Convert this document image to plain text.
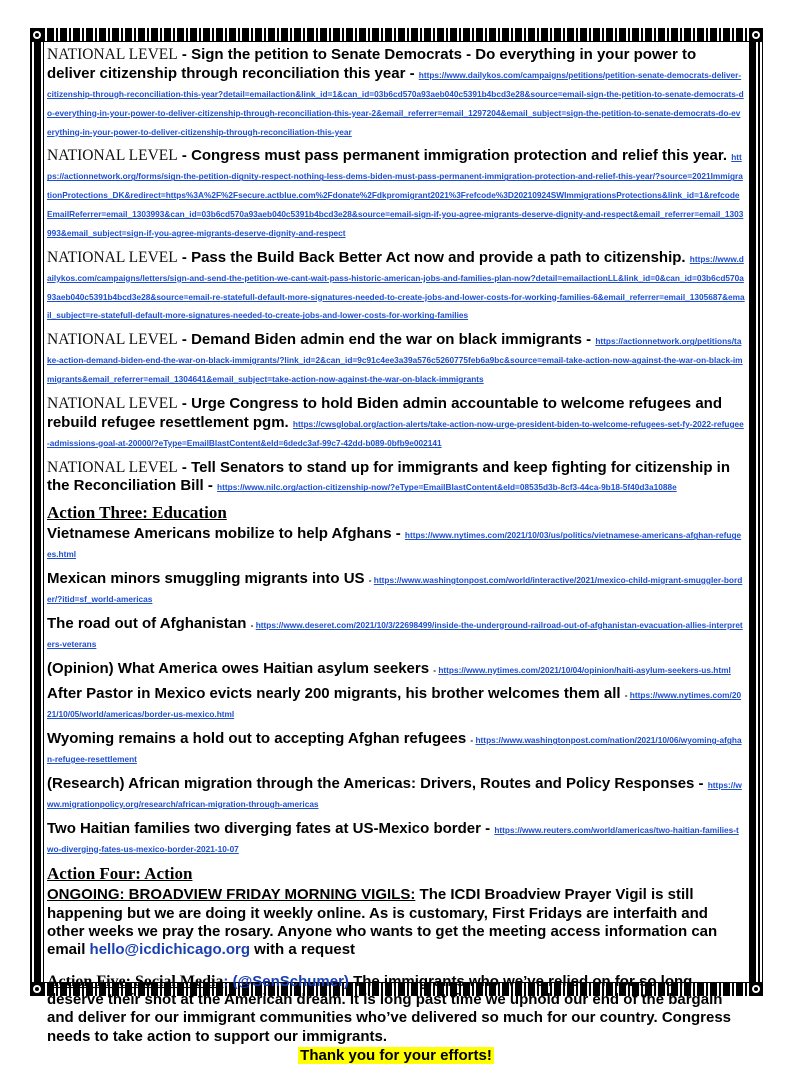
NATIONAL LEVEL - Sign the petition to Senate Democrats - Do everything in your power to deliver citizenship through reconciliation this year - https://www.dailykos.com/campaigns/petitions/petition-senate-democrats-deliver-citizenship-through-reconciliation-this-year?detail=emailaction&link_id=1&can_id=03b6cd570a93aeb040c5391b4bcd3e28&source=email-sign-the-petition-to-senate-democrats-do-everything-in-your-power-to-deliver-citizenship-through-reconciliation-this-year-2&email_referrer=email_1297204&email_subject=sign-the-petition-to-senate-democrats-do-everything-in-your-power-to-deliver-citizenship-through-reconciliation-this-year
NATIONAL LEVEL - Congress must pass permanent immigration protection and relief this year. https://actionnetwork.org/forms/sign-the-petition-dignity-respect-nothing-less-dems-biden-must-pass-permanent-immigration-protection-and-relief-this-year/?source=2021ImmigrationProtections_DK&redirect=https%3A%2F%2Fsecure.actblue.com%2Fdonate%2Fdkpromigrant2021%3Frefcode%3D20210924SWImmigrationsProtections&link_id=1&refcodeEmailReferrer=email_1303993&can_id=03b6cd570a93aeb040c5391b4bcd3e28&source=email-sign-if-you-agree-migrants-deserve-dignity-and-respect&email_referrer=email_1303993&email_subject=sign-if-you-agree-migrants-deserve-dignity-and-respect
NATIONAL LEVEL - Pass the Build Back Better Act now and provide a path to citizenship. https://www.dailykos.com/campaigns/letters/sign-and-send-the-petition-we-cant-wait-pass-historic-american-jobs-and-families-plan-now?detail=emailactionLL&link_id=0&can_id=03b6cd570a93aeb040c5391b4bcd3e28&source=email-re-statefull-default-more-signatures-needed-to-create-jobs-and-lower-costs-for-working-families-6&email_referrer=email_1305687&email_subject=re-statefull-default-more-signatures-needed-to-create-jobs-and-lower-costs-for-working-families
NATIONAL LEVEL - Demand Biden admin end the war on black immigrants - https://actionnetwork.org/petitions/take-action-demand-biden-end-the-war-on-black-immigrants/?link_id=2&can_id=9c91c4ee3a39a576c5260775feb6a9bc&source=email-take-action-now-against-the-war-on-black-immigrants&email_referrer=email_1304641&email_subject=take-action-now-against-the-war-on-black-immigrants
NATIONAL LEVEL - Urge Congress to hold Biden admin accountable to welcome refugees and rebuild refugee resettlement pgm. https://cwsglobal.org/action-alerts/take-action-now-urge-president-biden-to-welcome-refugees-set-fy-2022-refugee-admissions-goal-at-20000/?eType=EmailBlastContent&eId=6dedc3af-99c7-42dd-b089-0bfb9e002141
NATIONAL LEVEL - Tell Senators to stand up for immigrants and keep fighting for citizenship in the Reconciliation Bill - https://www.nilc.org/action-citizenship-now/?eType=EmailBlastContent&eId=08535d3b-8cf3-44ca-9b18-5f40d3a1088e
Action Three: Education
Vietnamese Americans mobilize to help Afghans - https://www.nytimes.com/2021/10/03/us/politics/vietnamese-americans-afghan-refugees.html
Mexican minors smuggling migrants into US - https://www.washingtonpost.com/world/interactive/2021/mexico-child-migrant-smuggler-border/?itid=sf_world-americas
The road out of Afghanistan - https://www.deseret.com/2021/10/3/22698499/inside-the-underground-railroad-out-of-afghanistan-evacuation-allies-interpreters-veterans
(Opinion) What America owes Haitian asylum seekers - https://www.nytimes.com/2021/10/04/opinion/haiti-asylum-seekers-us.html
After Pastor in Mexico evicts nearly 200 migrants, his brother welcomes them all - https://www.nytimes.com/2021/10/05/world/americas/border-us-mexico.html
Wyoming remains a hold out to accepting Afghan refugees - https://www.washingtonpost.com/nation/2021/10/06/wyoming-afghan-refugee-resettlement
(Research) African migration through the Americas: Drivers, Routes and Policy Responses - https://www.migrationpolicy.org/research/african-migration-through-americas
Two Haitian families two diverging fates at US-Mexico border - https://www.reuters.com/world/americas/two-haitian-families-two-diverging-fates-us-mexico-border-2021-10-07
Action Four: Action
ONGOING: BROADVIEW FRIDAY MORNING VIGILS: The ICDI Broadview Prayer Vigil is still happening but we are doing it weekly online. As is customary, First Fridays are interfaith and other weeks we pray the rosary. Anyone who wants to get the meeting access information can email hello@icdichicago.org with a request
Action Five: Social Media: (@SenSchumer) The immigrants who we’ve relied on for so long deserve their shot at the American dream. It is long past time we uphold our end of the bargain and deliver for our immigrant communities who’ve delivered so much for our country. Congress needs to take action to support our immigrants.
Thank you for your efforts!
